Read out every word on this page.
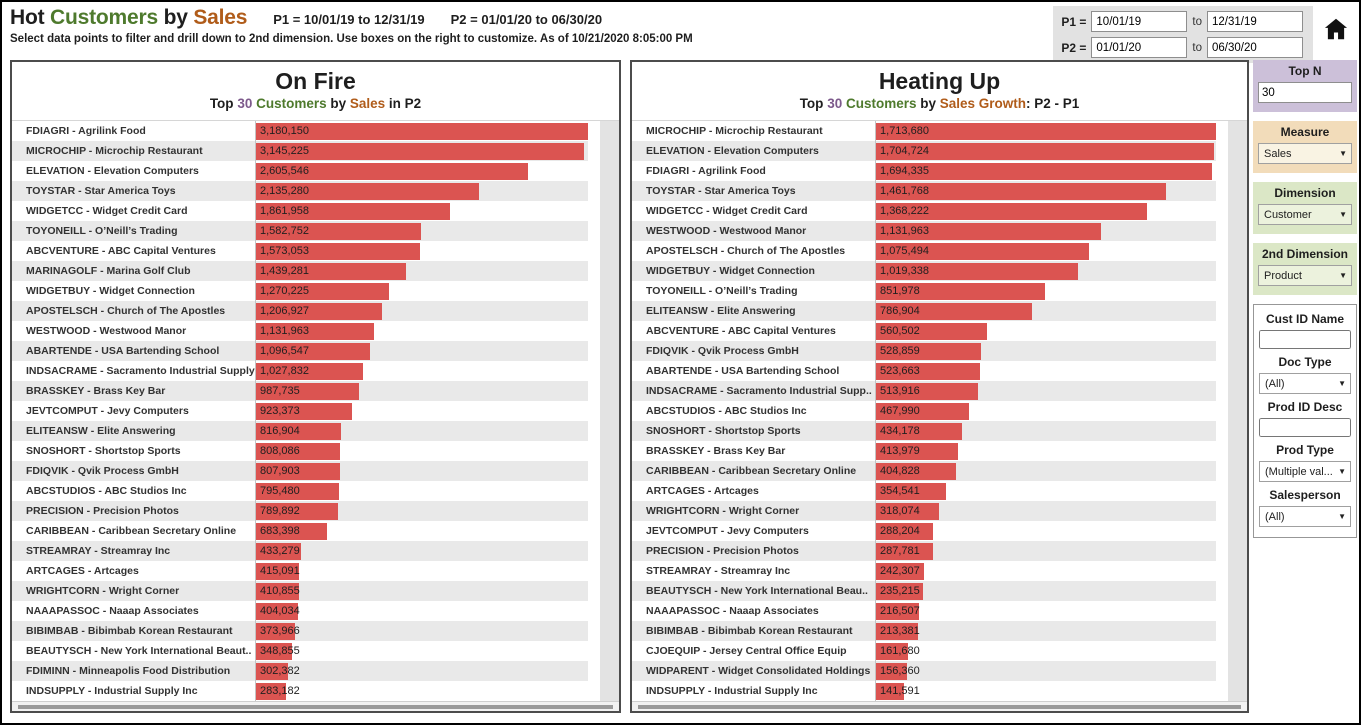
Hot Customers by Sales P1 = 10/01/19 to 12/31/19 P2 = 01/01/20 to 06/30/20
Select data points to filter and drill down to 2nd dimension. Use boxes on the right to customize. As of 10/21/2020 8:05:00 PM
P1 =
10/01/19	to
12/31/19
P2 =
01/01/20	to
06/30/20
On Fire
Top 30 Customers by Sales in P2
FDIAGRI - Agrilink Food	3,180,150
MICROCHIP - Microchip Restaurant	3,145,225
ELEVATION - Elevation Computers	2,605,546
TOYSTAR - Star America Toys	2,135,280
WIDGETCC - Widget Credit Card	1,861,958
TOYONEILL - O’Neill’s Trading	1,582,752
ABCVENTURE - ABC Capital Ventures	1,573,053
MARINAGOLF - Marina Golf Club	1,439,281
WIDGETBUY - Widget Connection	1,270,225
APOSTELSCH - Church of The Apostles	1,206,927
WESTWOOD - Westwood Manor	1,131,963
ABARTENDE - USA Bartending School	1,096,547
INDSACRAME - Sacramento Industrial Supply 1,027,832
BRASSKEY - Brass Key Bar	987,735
JEVTCOMPUT - Jevy Computers	923,373
ELITEANSW - Elite Answering	816,904
SNOSHORT - Shortstop Sports	808,086
FDIQVIK - Qvik Process GmbH	807,903
ABCSTUDIOS - ABC Studios Inc	795,480
PRECISION - Precision Photos	789,892
CARIBBEAN - Caribbean Secretary Online	683,398
STREAMRAY - Streamray Inc	433,279
ARTCAGES - Artcages	415,091
WRIGHTCORN - Wright Corner	410,855
NAAAPASSOC - Naaap Associates	404,034
BIBIMBAB - Bibimbab Korean Restaurant	373,966
BEAUTYSCH - New York International Beaut.. 348,855
FDIMINN - Minneapolis Food Distribution	302,382
INDSUPPLY - Industrial Supply Inc	283,182
Heating Up
Top 30 Customers by Sales Growth: P2 - P1
MICROCHIP - Microchip Restaurant	1,713,680
ELEVATION - Elevation Computers	1,704,724
FDIAGRI - Agrilink Food	1,694,335
TOYSTAR - Star America Toys	1,461,768
WIDGETCC - Widget Credit Card	1,368,222
WESTWOOD - Westwood Manor	1,131,963
APOSTELSCH - Church of The Apostles	1,075,494
WIDGETBUY - Widget Connection	1,019,338
TOYONEILL - O’Neill’s Trading	851,978
ELITEANSW - Elite Answering	786,904
ABCVENTURE - ABC Capital Ventures	560,502
FDIQVIK - Qvik Process GmbH	528,859
ABARTENDE - USA Bartending School	523,663
INDSACRAME - Sacramento Industrial Supp.. 513,916
ABCSTUDIOS - ABC Studios Inc	467,990
SNOSHORT - Shortstop Sports	434,178
BRASSKEY - Brass Key Bar	413,979
CARIBBEAN - Caribbean Secretary Online	404,828
ARTCAGES - Artcages	354,541
WRIGHTCORN - Wright Corner	318,074
JEVTCOMPUT - Jevy Computers	288,204
PRECISION - Precision Photos	287,781
STREAMRAY - Streamray Inc	242,307
BEAUTYSCH - New York International Beau..	235,215
NAAAPASSOC - Naaap Associates	216,507
BIBIMBAB - Bibimbab Korean Restaurant	213,381
CJOEQUIP - Jersey Central Office Equip	161,680
WIDPARENT - Widget Consolidated Holdings 156,360
INDSUPPLY - Industrial Supply Inc	141,591
Top N
30
Measure
Sales	▼
Dimension
Customer	▼
2nd Dimension
Product	▼
Cust ID Name
Doc Type
(All)	▼
Prod ID Desc
Prod Type
(Multiple val... ▼
Salesperson
(All)	▼
